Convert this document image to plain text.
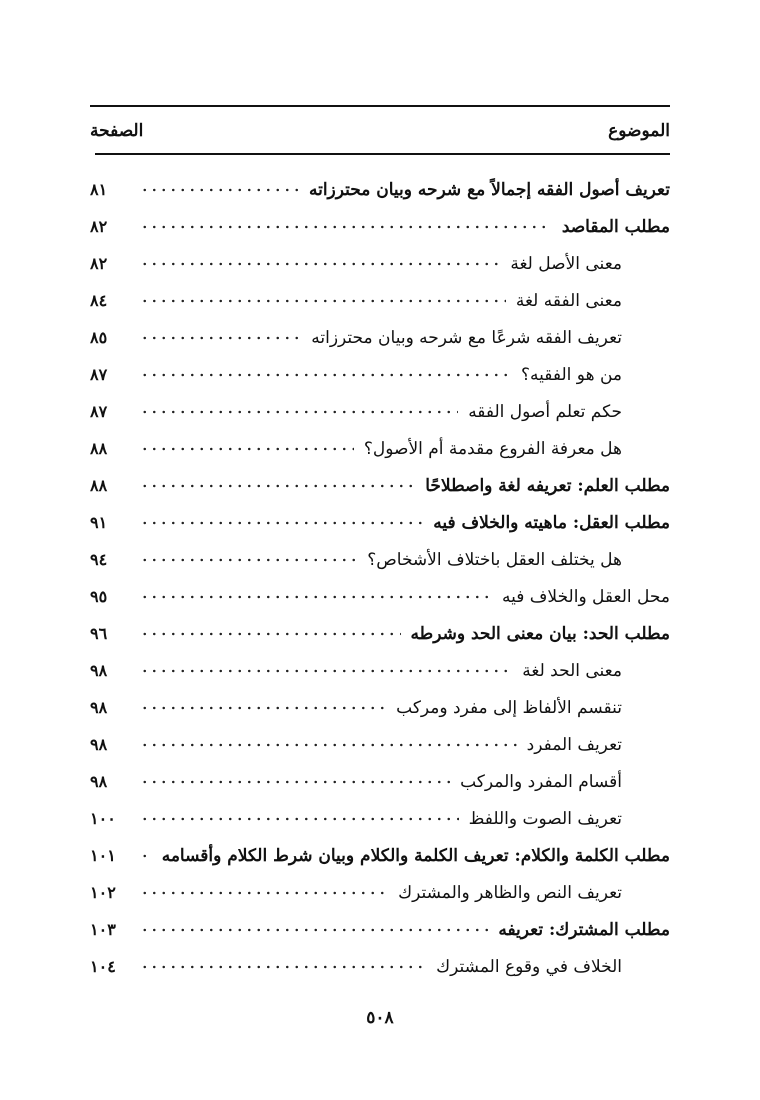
الموضوع
الصفحة
تعريف أصول الفقه إجمالاً مع شرحه وبيان محترزاته
٨١
مطلب المقاصد
٨٢
معنى الأصل لغة
٨٢
معنى الفقه لغة
٨٤
تعريف الفقه شرعًا مع شرحه وبيان محترزاته
٨٥
من هو الفقيه؟
٨٧
حكم تعلم أصول الفقه
٨٧
هل معرفة الفروع مقدمة أم الأصول؟
٨٨
مطلب العلم: تعريفه لغة واصطلاحًا
٨٨
مطلب العقل: ماهيته والخلاف فيه
٩١
هل يختلف العقل باختلاف الأشخاص؟
٩٤
محل العقل والخلاف فيه
٩٥
مطلب الحد: بيان معنى الحد وشرطه
٩٦
معنى الحد لغة
٩٨
تنقسم الألفاظ إلى مفرد ومركب
٩٨
تعريف المفرد
٩٨
أقسام المفرد والمركب
٩٨
تعريف الصوت واللفظ
١٠٠
مطلب الكلمة والكلام: تعريف الكلمة والكلام وبيان شرط الكلام وأقسامه
١٠١
تعريف النص والظاهر والمشترك
١٠٢
مطلب المشترك: تعريفه
١٠٣
الخلاف في وقوع المشترك
١٠٤
٥٠٨
